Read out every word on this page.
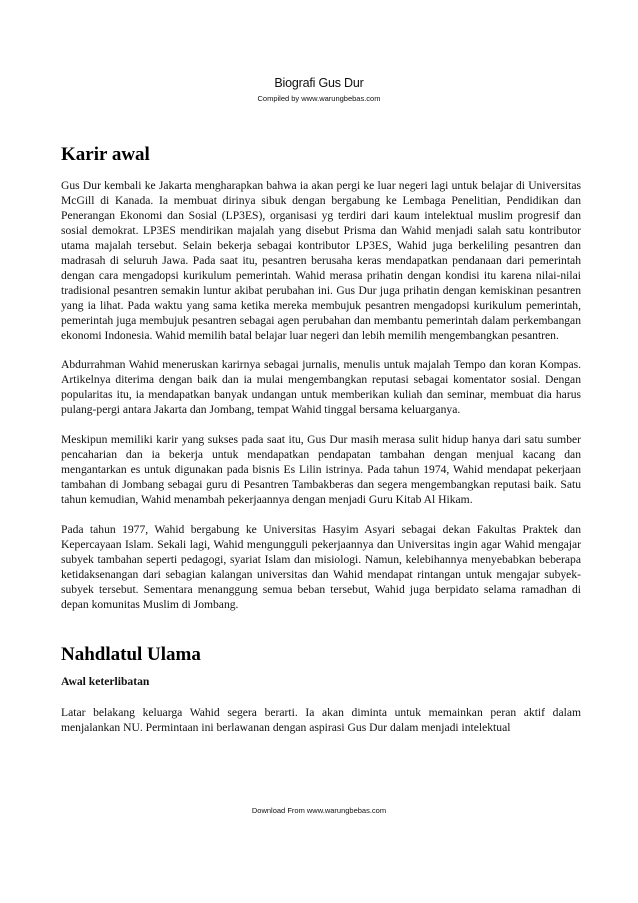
Biografi Gus Dur
Compiled by www.warungbebas.com
Karir awal

Gus Dur kembali ke Jakarta mengharapkan bahwa ia akan pergi ke luar negeri lagi untuk belajar di Universitas McGill di Kanada. Ia membuat dirinya sibuk dengan bergabung ke Lembaga Penelitian, Pendidikan dan Penerangan Ekonomi dan Sosial (LP3ES), organisasi yg terdiri dari kaum intelektual muslim progresif dan sosial demokrat. LP3ES mendirikan majalah yang disebut Prisma dan Wahid menjadi salah satu kontributor utama majalah tersebut. Selain bekerja sebagai kontributor LP3ES, Wahid juga berkeliling pesantren dan madrasah di seluruh Jawa. Pada saat itu, pesantren berusaha keras mendapatkan pendanaan dari pemerintah dengan cara mengadopsi kurikulum pemerintah. Wahid merasa prihatin dengan kondisi itu karena nilai-nilai tradisional pesantren semakin luntur akibat perubahan ini. Gus Dur juga prihatin dengan kemiskinan pesantren yang ia lihat. Pada waktu yang sama ketika mereka membujuk pesantren mengadopsi kurikulum pemerintah, pemerintah juga membujuk pesantren sebagai agen perubahan dan membantu pemerintah dalam perkembangan ekonomi Indonesia. Wahid memilih batal belajar luar negeri dan lebih memilih mengembangkan pesantren.

Abdurrahman Wahid meneruskan karirnya sebagai jurnalis, menulis untuk majalah Tempo dan koran Kompas. Artikelnya diterima dengan baik dan ia mulai mengembangkan reputasi sebagai komentator sosial. Dengan popularitas itu, ia mendapatkan banyak undangan untuk memberikan kuliah dan seminar, membuat dia harus pulang-pergi antara Jakarta dan Jombang, tempat Wahid tinggal bersama keluarganya.

Meskipun memiliki karir yang sukses pada saat itu, Gus Dur masih merasa sulit hidup hanya dari satu sumber pencaharian dan ia bekerja untuk mendapatkan pendapatan tambahan dengan menjual kacang dan mengantarkan es untuk digunakan pada bisnis Es Lilin istrinya. Pada tahun 1974, Wahid mendapat pekerjaan tambahan di Jombang sebagai guru di Pesantren Tambakberas dan segera mengembangkan reputasi baik. Satu tahun kemudian, Wahid menambah pekerjaannya dengan menjadi Guru Kitab Al Hikam.

Pada tahun 1977, Wahid bergabung ke Universitas Hasyim Asyari sebagai dekan Fakultas Praktek dan Kepercayaan Islam. Sekali lagi, Wahid mengungguli pekerjaannya dan Universitas ingin agar Wahid mengajar subyek tambahan seperti pedagogi, syariat Islam dan misiologi. Namun, kelebihannya menyebabkan beberapa ketidaksenangan dari sebagian kalangan universitas dan Wahid mendapat rintangan untuk mengajar subyek-subyek tersebut. Sementara menanggung semua beban tersebut, Wahid juga berpidato selama ramadhan di depan komunitas Muslim di Jombang.

Nahdlatul Ulama
Awal keterlibatan

Latar belakang keluarga Wahid segera berarti. Ia akan diminta untuk memainkan peran aktif dalam menjalankan NU. Permintaan ini berlawanan dengan aspirasi Gus Dur dalam menjadi intelektual

Download From www.warungbebas.com
